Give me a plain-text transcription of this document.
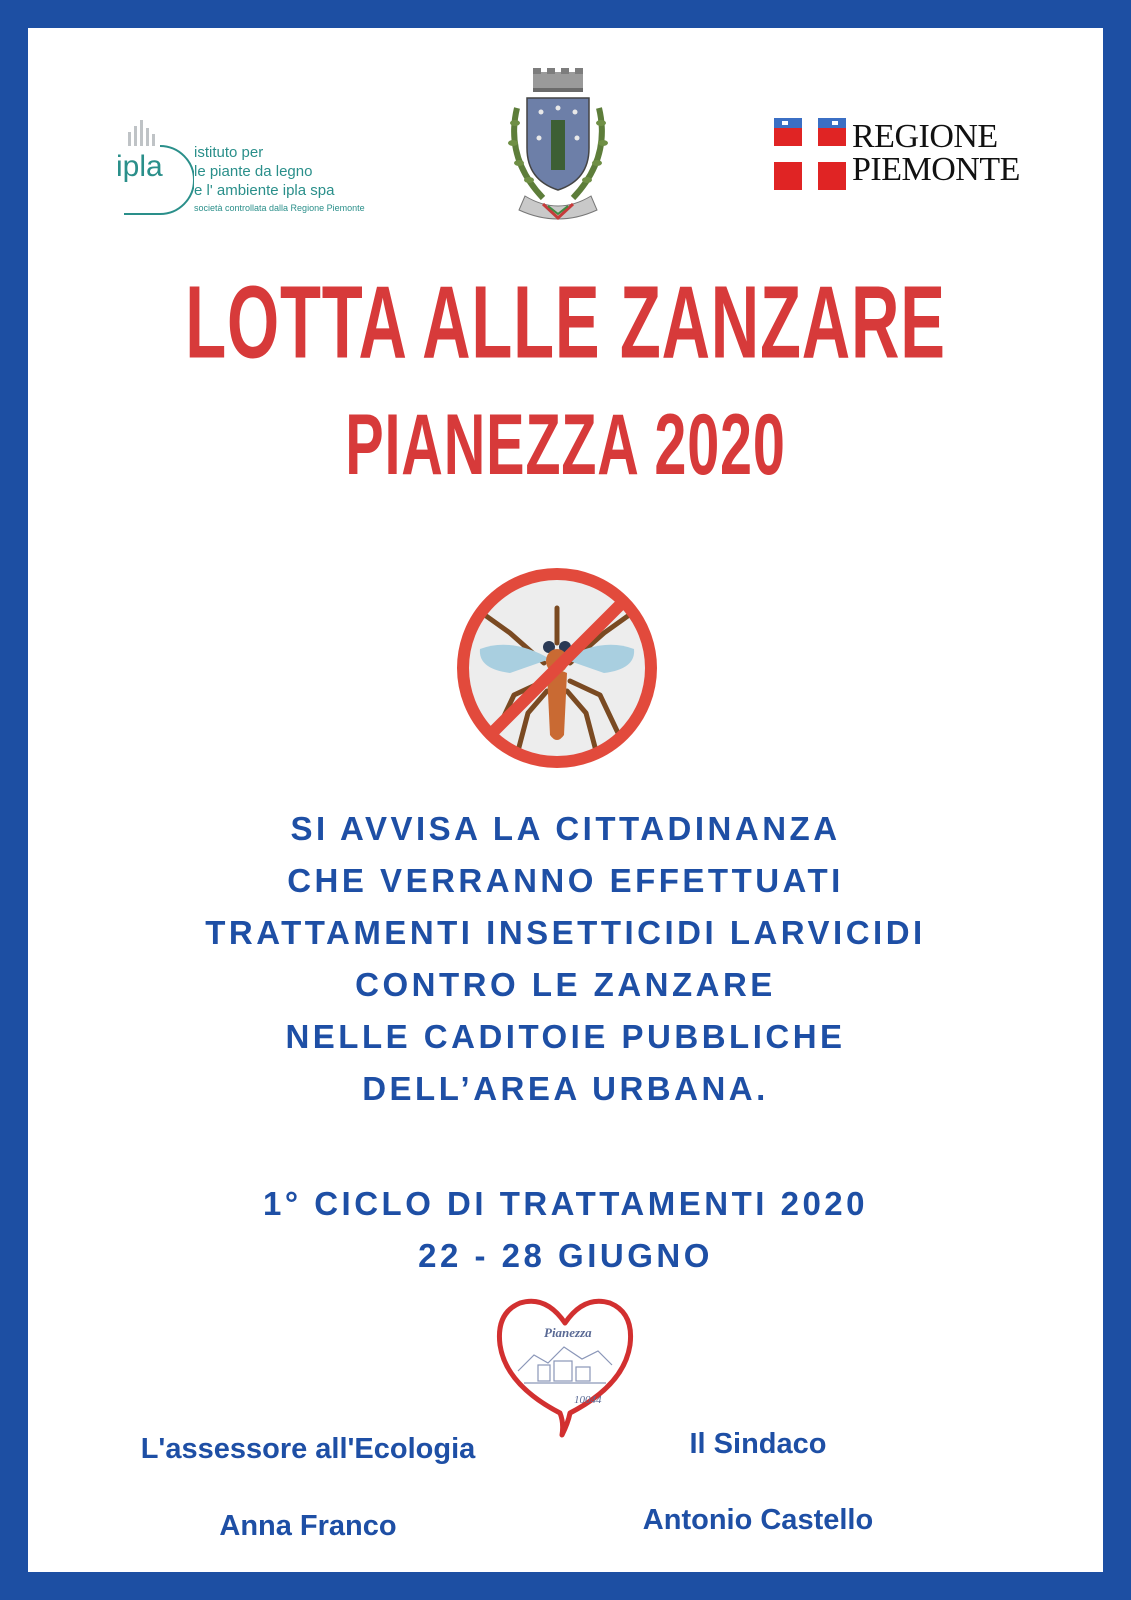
ipla istituto per
le piante da legno
e l' ambiente ipla spa
società controllata dalla Regione Piemonte
REGIONE
PIEMONTE
LOTTA ALLE ZANZARE
PIANEZZA 2020
SI AVVISA LA CITTADINANZA
CHE VERRANNO EFFETTUATI
TRATTAMENTI INSETTICIDI LARVICIDI
CONTRO LE ZANZARE
NELLE CADITOIE PUBBLICHE
DELL’AREA URBANA.
1° CICLO DI TRATTAMENTI 2020
22 - 28 GIUGNO
Pianezza
10044
L'assessore all'Ecologia
Anna Franco
Il Sindaco
Antonio Castello
